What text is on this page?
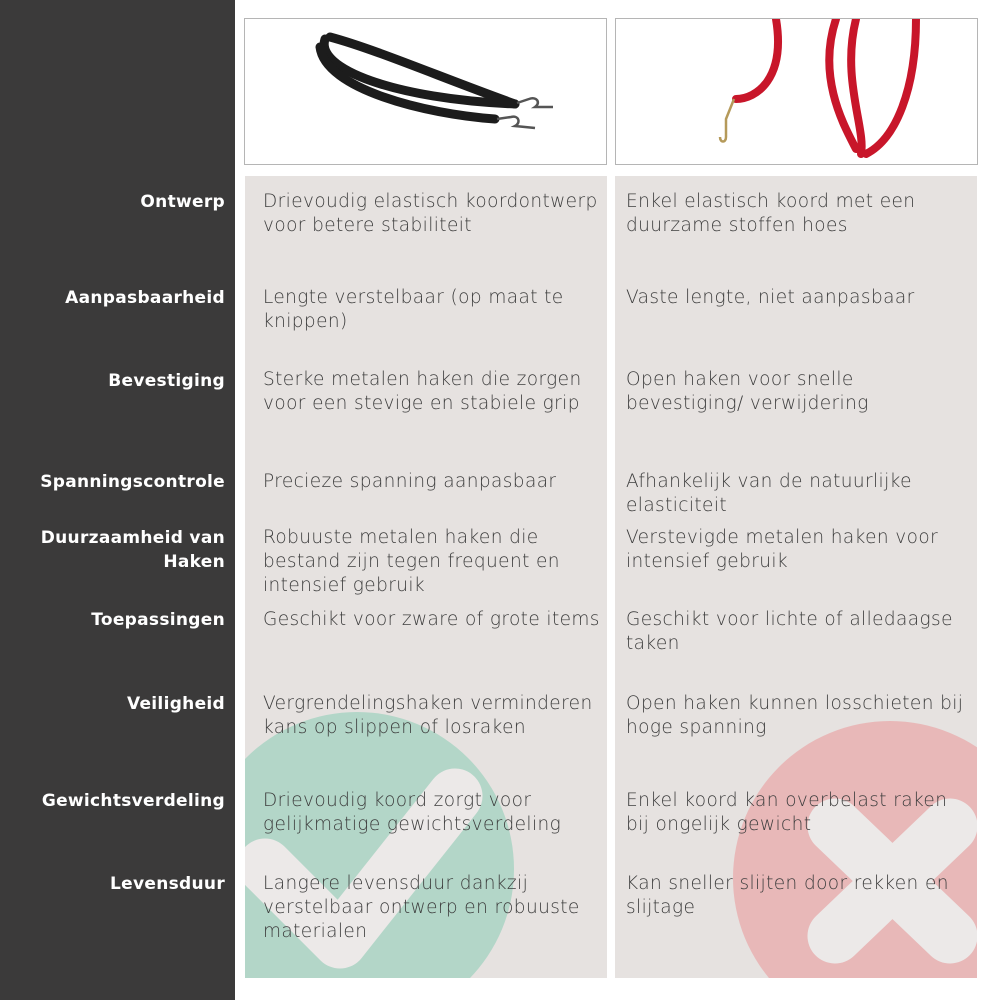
Ontwerp Drievoudig elastisch koordontwerp voor betere stabiliteit
Enkel elastisch koord met een duurzame stoffen hoes
Aanpasbaarheid Lengte verstelbaar (op maat te knippen)
Vaste lengte, niet aanpasbaar
Bevestiging Sterke metalen haken die zorgen voor een stevige en stabiele grip
Open haken voor snelle bevestiging/ verwijdering
Spanningscontrole Precieze spanning aanpasbaar	Afhankelijk van de natuurlijke elasticiteit
Duurzaamheid van Haken
Robuuste metalen haken die bestand zijn tegen frequent en intensief gebruik
Verstevigde metalen haken voor intensief gebruik
Toepassingen Geschikt voor zware of grote items Geschikt voor lichte of alledaagse taken
Veiligheid Vergrendelingshaken verminderen kans op slippen of losraken
Open haken kunnen losschieten bij hoge spanning
Gewichtsverdeling Drievoudig koord zorgt voor gelijkmatige gewichtsverdeling
Enkel koord kan overbelast raken bij ongelijk gewicht
Levensduur Langere levensduur dankzij verstelbaar ontwerp en robuuste materialen
Kan sneller slijten door rekken en slijtage
